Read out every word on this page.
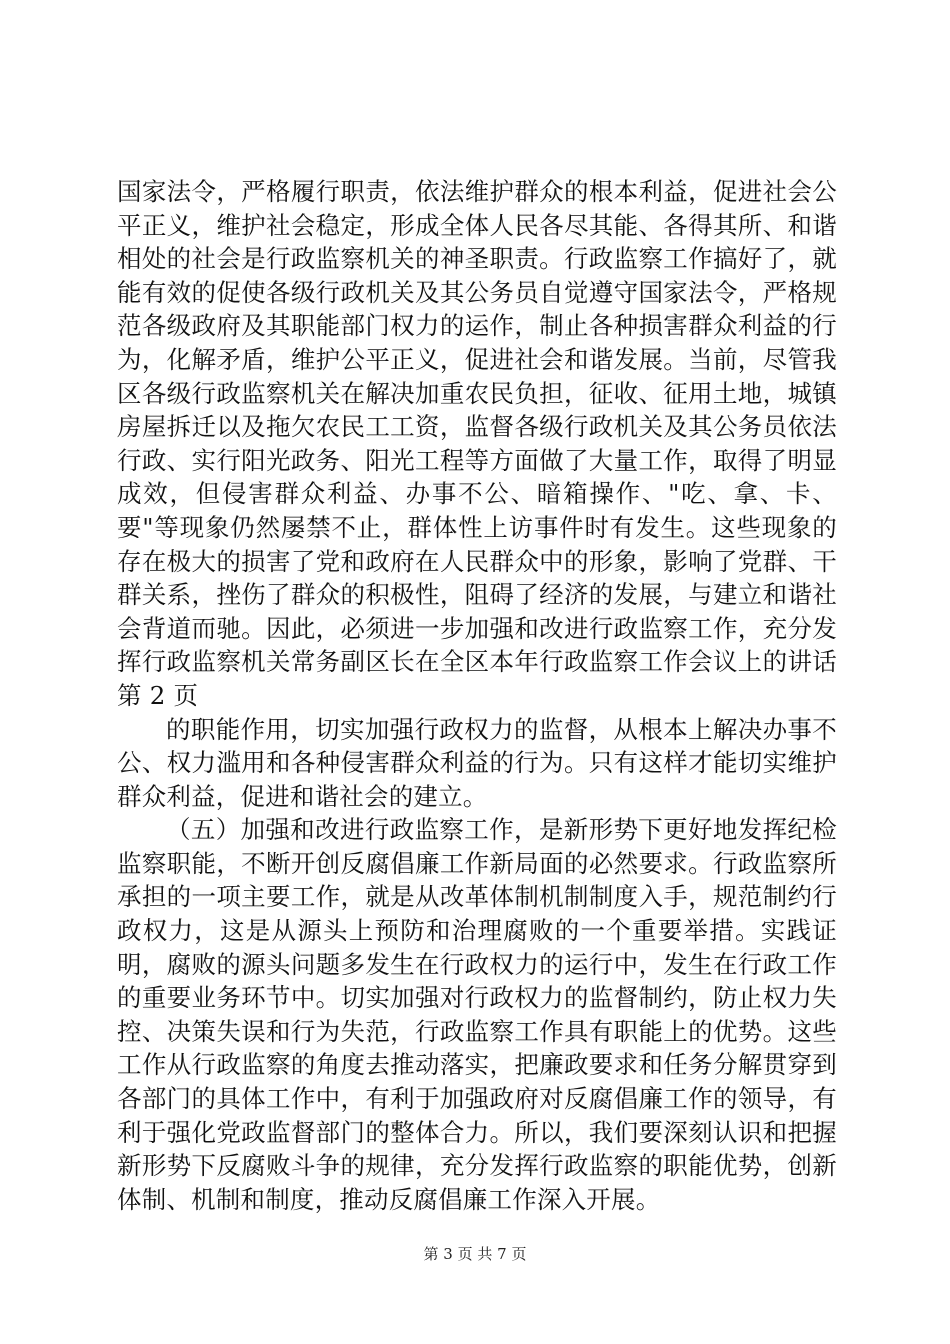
国家法令，严格履行职责，依法维护群众的根本利益，促进社会公平正义，维护社会稳定，形成全体人民各尽其能、各得其所、和谐相处的社会是行政监察机关的神圣职责。行政监察工作搞好了，就能有效的促使各级行政机关及其公务员自觉遵守国家法令，严格规范各级政府及其职能部门权力的运作，制止各种损害群众利益的行为，化解矛盾，维护公平正义，促进社会和谐发展。当前，尽管我区各级行政监察机关在解决加重农民负担，征收、征用土地，城镇房屋拆迁以及拖欠农民工工资，监督各级行政机关及其公务员依法行政、实行阳光政务、阳光工程等方面做了大量工作，取得了明显成效，但侵害群众利益、办事不公、暗箱操作、"吃、拿、卡、要"等现象仍然屡禁不止，群体性上访事件时有发生。这些现象的存在极大的损害了党和政府在人民群众中的形象，影响了党群、干群关系，挫伤了群众的积极性，阻碍了经济的发展，与建立和谐社会背道而驰。因此，必须进一步加强和改进行政监察工作，充分发挥行政监察机关常务副区长在全区本年行政监察工作会议上的讲话第 2 页

的职能作用，切实加强行政权力的监督，从根本上解决办事不公、权力滥用和各种侵害群众利益的行为。只有这样才能切实维护群众利益，促进和谐社会的建立。

（五）加强和改进行政监察工作，是新形势下更好地发挥纪检监察职能，不断开创反腐倡廉工作新局面的必然要求。行政监察所承担的一项主要工作，就是从改革体制机制制度入手，规范制约行政权力，这是从源头上预防和治理腐败的一个重要举措。实践证明，腐败的源头问题多发生在行政权力的运行中，发生在行政工作的重要业务环节中。切实加强对行政权力的监督制约，防止权力失控、决策失误和行为失范，行政监察工作具有职能上的优势。这些工作从行政监察的角度去推动落实，把廉政要求和任务分解贯穿到各部门的具体工作中，有利于加强政府对反腐倡廉工作的领导，有利于强化党政监督部门的整体合力。所以，我们要深刻认识和把握新形势下反腐败斗争的规律，充分发挥行政监察的职能优势，创新体制、机制和制度，推动反腐倡廉工作深入开展。

第 3 页 共 7 页
